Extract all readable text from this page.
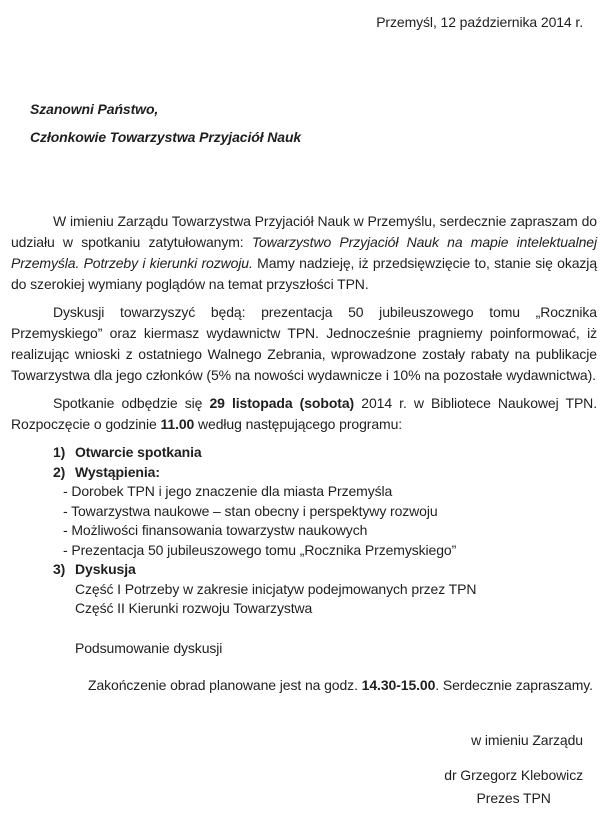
Przemyśl, 12 października 2014 r.

Szanowni Państwo,

Członkowie Towarzystwa Przyjaciół Nauk

W imieniu Zarządu Towarzystwa Przyjaciół Nauk w Przemyślu, serdecznie zapraszam do udziału w spotkaniu zatytułowanym: Towarzystwo Przyjaciół Nauk na mapie intelektualnej Przemyśla. Potrzeby i kierunki rozwoju. Mamy nadzieję, iż przedsięwzięcie to, stanie się okazją do szerokiej wymiany poglądów na temat przyszłości TPN.

Dyskusji towarzyszyć będą: prezentacja 50 jubileuszowego tomu „Rocznika Przemyskiego” oraz kiermasz wydawnictw TPN. Jednocześnie pragniemy poinformować, iż realizując wnioski z ostatniego Walnego Zebrania, wprowadzone zostały rabaty na publikacje Towarzystwa dla jego członków (5% na nowości wydawnicze i 10% na pozostałe wydawnictwa).

Spotkanie odbędzie się 29 listopada (sobota) 2014 r. w Bibliotece Naukowej TPN. Rozpoczęcie o godzinie 11.00 według następującego programu:

1) Otwarcie spotkania
2) Wystąpienia:

- Dorobek TPN i jego znaczenie dla miasta Przemyśla

- Towarzystwa naukowe – stan obecny i perspektywy rozwoju

- Możliwości finansowania towarzystw naukowych

- Prezentacja 50 jubileuszowego tomu „Rocznika Przemyskiego”

3) Dyskusja

Część I Potrzeby w zakresie inicjatyw podejmowanych przez TPN

Część II Kierunki rozwoju Towarzystwa

Podsumowanie dyskusji

Zakończenie obrad planowane jest na godz. 14.30-15.00. Serdecznie zapraszamy.

w imieniu Zarządu

dr Grzegorz Klebowicz

Prezes TPN
